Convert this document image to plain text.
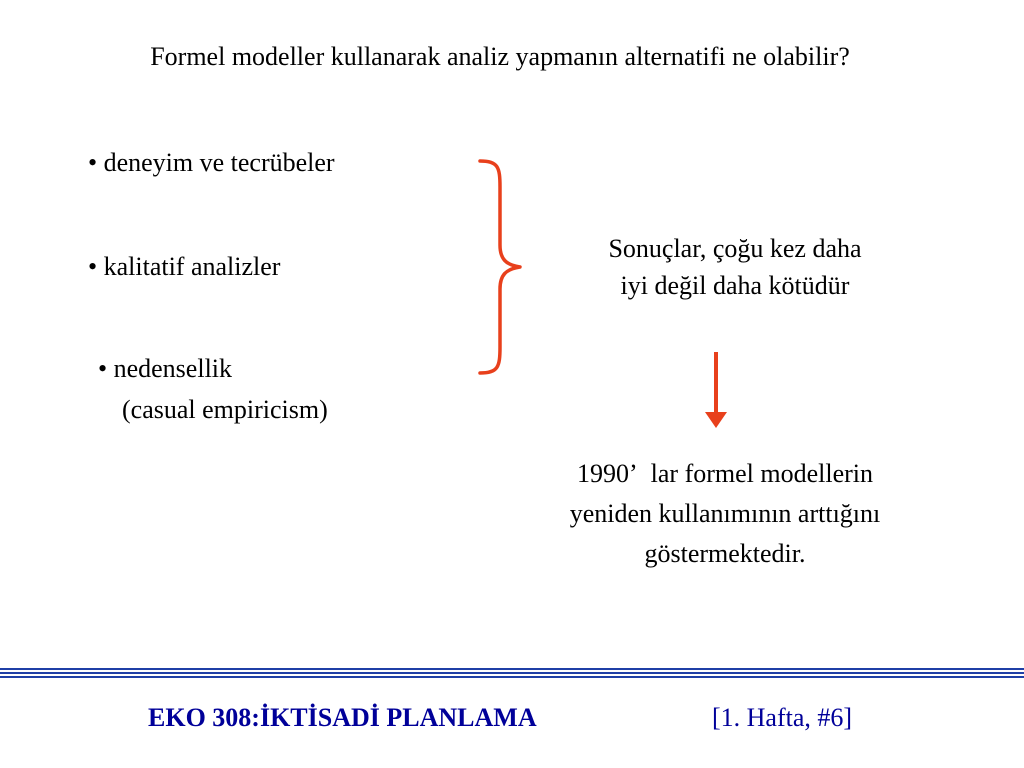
Formel modeller kullanarak analiz yapmanın alternatifi ne olabilir?
• deneyim ve tecrübeler
• kalitatif analizler
• nedensellik
(casual empiricism)
Sonuçlar, çoğu kez daha
iyi değil daha kötüdür
1990’ lar formel modellerin
yeniden kullanımının arttığını
göstermektedir.
EKO 308:İKTİSADİ PLANLAMA	[1. Hafta, #6]
